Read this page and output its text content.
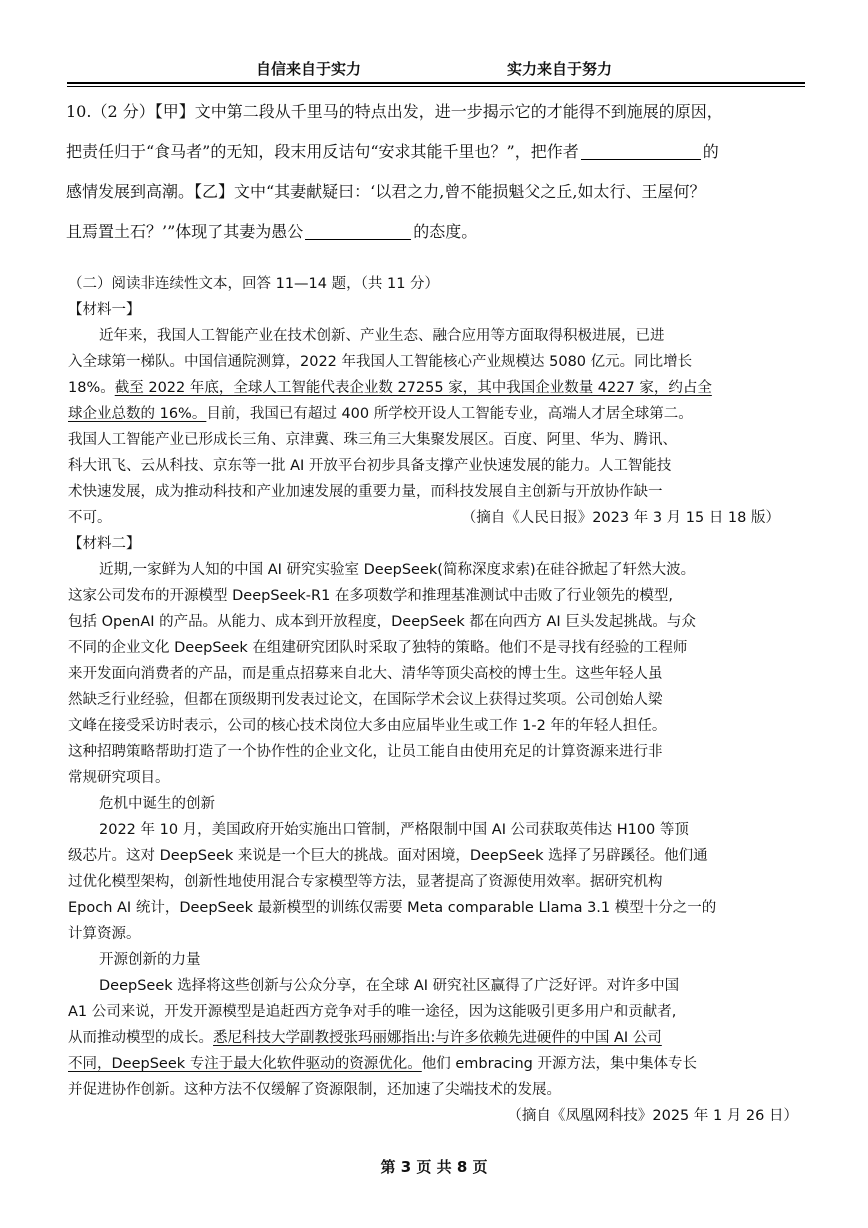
自信来自于实力	实力来自于努力
10.（2 分）【甲】文中第二段从千里马的特点出发，进一步揭示它的才能得不到施展的原因，
把责任归于“食马者”的无知，段末用反诘句“安求其能千里也？”，把作者	的
感情发展到高潮。【乙】文中“其妻献疑曰：‘以君之力,曾不能损魁父之丘,如太行、王屋何？
且焉置土石？’”体现了其妻为愚公	的态度。
（二）阅读非连续性文本，回答 11—14 题，（共 11 分）
【材料一】
近年来，我国人工智能产业在技术创新、产业生态、融合应用等方面取得积极进展，已进
入全球第一梯队。中国信通院测算，2022 年我国人工智能核心产业规模达 5080 亿元。同比增长
18%。截至 2022 年底，全球人工智能代表企业数 27255 家，其中我国企业数量 4227 家，约占全
球企业总数的 16%。目前，我国已有超过 400 所学校开设人工智能专业，高端人才居全球第二。
我国人工智能产业已形成长三角、京津冀、珠三角三大集聚发展区。百度、阿里、华为、腾讯、
科大讯飞、云从科技、京东等一批 AI 开放平台初步具备支撑产业快速发展的能力。人工智能技
术快速发展，成为推动科技和产业加速发展的重要力量，而科技发展自主创新与开放协作缺一
不可。	（摘自《人民日报》2023 年 3 月 15 日 18 版）
【材料二】
近期,一家鲜为人知的中国 AI 研究实验室 DeepSeek(简称深度求索)在硅谷掀起了轩然大波。
这家公司发布的开源模型 DeepSeek-R1 在多项数学和推理基准测试中击败了行业领先的模型,
包括 OpenAI 的产品。从能力、成本到开放程度，DeepSeek 都在向西方 AI 巨头发起挑战。与众
不同的企业文化 DeepSeek 在组建研究团队时采取了独特的策略。他们不是寻找有经验的工程师
来开发面向消费者的产品，而是重点招募来自北大、清华等顶尖高校的博士生。这些年轻人虽
然缺乏行业经验，但都在顶级期刊发表过论文，在国际学术会议上获得过奖项。公司创始人梁
文峰在接受采访时表示，公司的核心技术岗位大多由应届毕业生或工作 1-2 年的年轻人担任。
这种招聘策略帮助打造了一个协作性的企业文化，让员工能自由使用充足的计算资源来进行非
常规研究项目。
危机中诞生的创新
2022 年 10 月，美国政府开始实施出口管制，严格限制中国 AI 公司获取英伟达 H100 等顶
级芯片。这对 DeepSeek 来说是一个巨大的挑战。面对困境，DeepSeek 选择了另辟蹊径。他们通
过优化模型架构，创新性地使用混合专家模型等方法，显著提高了资源使用效率。据研究机构
Epoch AI 统计，DeepSeek 最新模型的训练仅需要 Meta comparable Llama 3.1 模型十分之一的
计算资源。
开源创新的力量
DeepSeek 选择将这些创新与公众分享，在全球 AI 研究社区赢得了广泛好评。对许多中国
A1 公司来说，开发开源模型是追赶西方竞争对手的唯一途径，因为这能吸引更多用户和贡献者,
从而推动模型的成长。悉尼科技大学副教授张玛丽娜指出:与许多依赖先进硬件的中国 AI 公司
不同，DeepSeek 专注于最大化软件驱动的资源优化。他们 embracing 开源方法，集中集体专长
并促进协作创新。这种方法不仅缓解了资源限制，还加速了尖端技术的发展。
（摘自《凤凰网科技》2025 年 1 月 26 日）
第 3 页 共 8 页
